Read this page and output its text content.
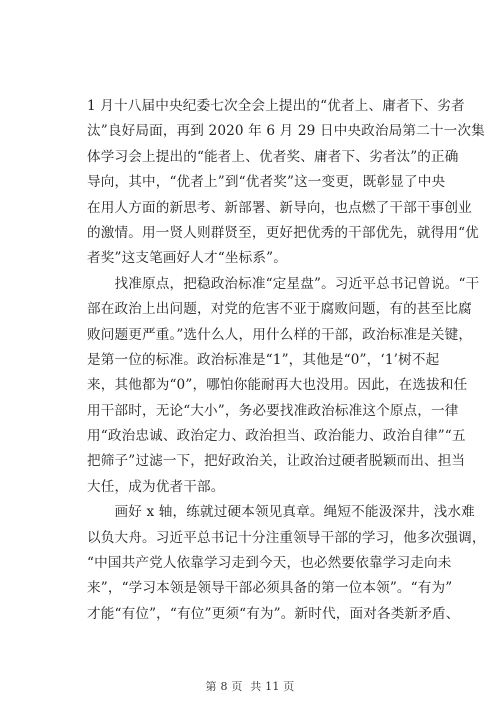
1 月十八届中央纪委七次全会上提出的“优者上、庸者下、劣者
汰”良好局面，再到 2020 年 6 月 29 日中央政治局第二十一次集
体学习会上提出的“能者上、优者奖、庸者下、劣者汰”的正确
导向，其中，“优者上”到“优者奖”这一变更，既彰显了中央
在用人方面的新思考、新部署、新导向，也点燃了干部干事创业
的激情。用一贤人则群贤至，更好把优秀的干部优先，就得用“优
者奖”这支笔画好人才“坐标系”。
　　找准原点，把稳政治标准“定星盘”。习近平总书记曾说。“干
部在政治上出问题，对党的危害不亚于腐败问题，有的甚至比腐
败问题更严重。”选什么人，用什么样的干部，政治标准是关键，
是第一位的标准。政治标准是“1”，其他是“0”，‘1’树不起
来，其他都为“0”，哪怕你能耐再大也没用。因此，在选拔和任
用干部时，无论“大小”，务必要找准政治标准这个原点，一律
用“政治忠诚、政治定力、政治担当、政治能力、政治自律”“五
把筛子”过滤一下，把好政治关，让政治过硬者脱颖而出、担当
大任，成为优者干部。
　　画好 x 轴，练就过硬本领见真章。绳短不能汲深井，浅水难
以负大舟。习近平总书记十分注重领导干部的学习，他多次强调，
“中国共产党人依靠学习走到今天，也必然要依靠学习走向未
来”，“学习本领是领导干部必须具备的第一位本领”。“有为”
才能“有位”，“有位”更须“有为”。新时代，面对各类新矛盾、
第 8 页 共 11 页
